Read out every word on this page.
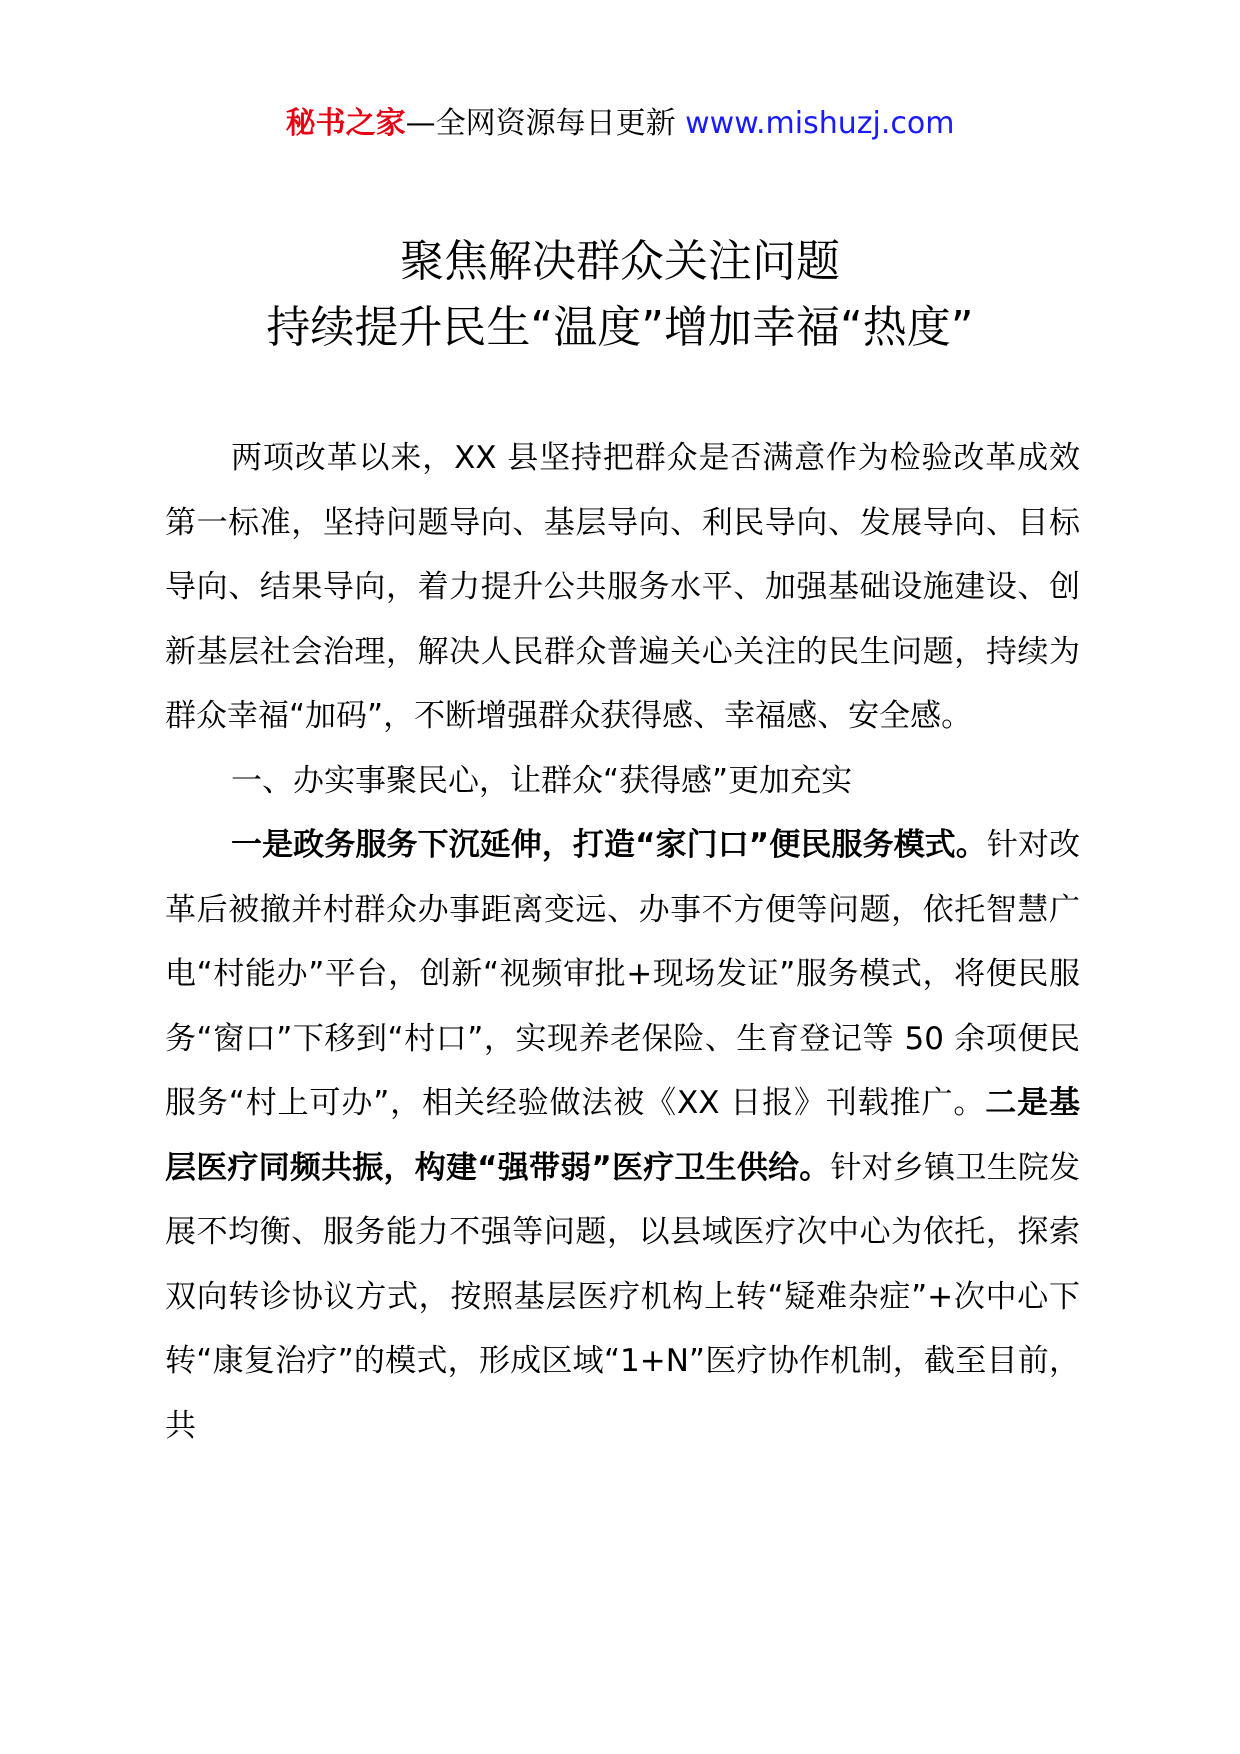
秘书之家—全网资源每日更新 www.mishuzj.com
聚焦解决群众关注问题
持续提升民生“温度”增加幸福“热度”

两项改革以来，XX 县坚持把群众是否满意作为检验改革成效第一标准，坚持问题导向、基层导向、利民导向、发展导向、目标导向、结果导向，着力提升公共服务水平、加强基础设施建设、创新基层社会治理，解决人民群众普遍关心关注的民生问题，持续为群众幸福“加码”，不断增强群众获得感、幸福感、安全感。

一、办实事聚民心，让群众“获得感”更加充实

一是政务服务下沉延伸，打造“家门口”便民服务模式。针对改革后被撤并村群众办事距离变远、办事不方便等问题，依托智慧广电“村能办”平台，创新“视频审批+现场发证”服务模式，将便民服务“窗口”下移到“村口”，实现养老保险、生育登记等 50 余项便民服务“村上可办”，相关经验做法被《XX 日报》刊载推广。二是基层医疗同频共振，构建“强带弱”医疗卫生供给。针对乡镇卫生院发展不均衡、服务能力不强等问题，以县域医疗次中心为依托，探索双向转诊协议方式，按照基层医疗机构上转“疑难杂症”+次中心下转“康复治疗”的模式，形成区域“1+N”医疗协作机制，截至目前，共
